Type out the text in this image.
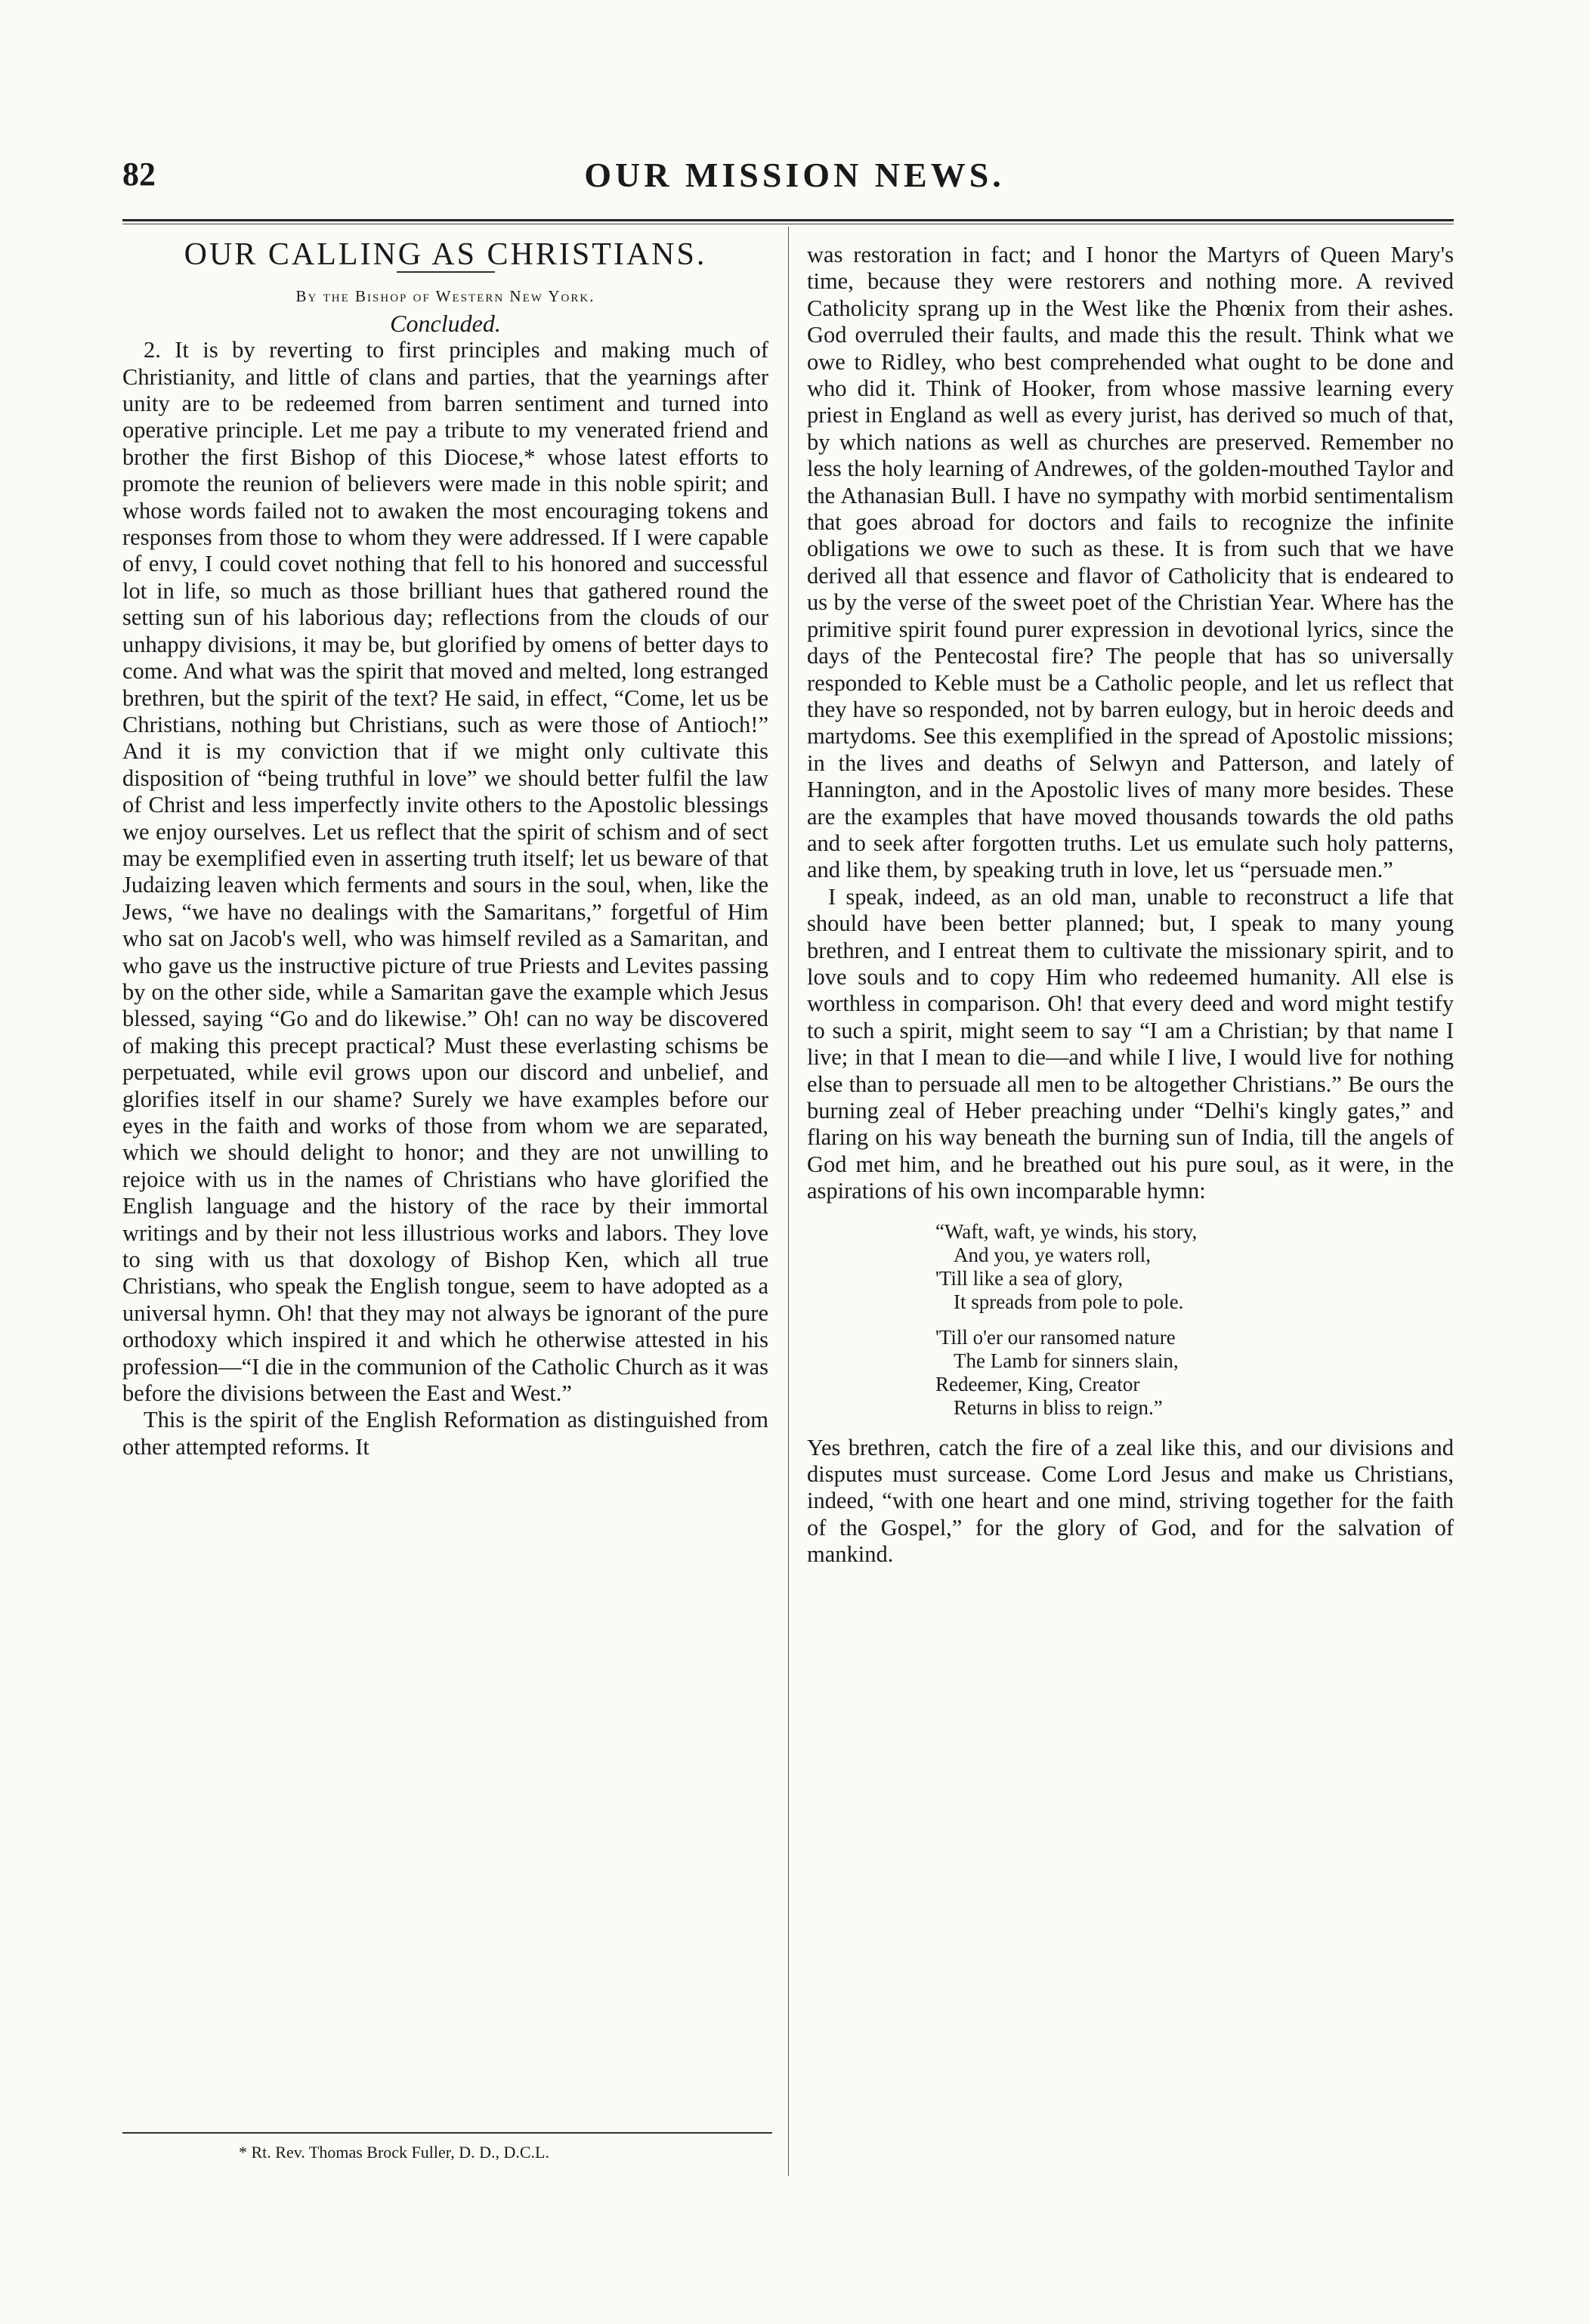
OUR MISSION NEWS.
82

OUR CALLING AS CHRISTIANS.

By the Bishop of Western New York.

Concluded.

2. It is by reverting to first principles and making much of Christianity, and little of clans and parties, that the yearnings after unity are to be redeemed from barren sentiment and turned into operative principle. Let me pay a tribute to my venerated friend and brother the first Bishop of this Diocese,* whose latest efforts to promote the reunion of believers were made in this noble spirit; and whose words failed not to awaken the most encouraging tokens and responses from those to whom they were addressed. If I were capable of envy, I could covet nothing that fell to his honored and successful lot in life, so much as those brilliant hues that gathered round the setting sun of his laborious day; reflections from the clouds of our unhappy divisions, it may be, but glorified by omens of better days to come. And what was the spirit that moved and melted, long estranged brethren, but the spirit of the text? He said, in effect, “Come, let us be Christians, nothing but Christians, such as were those of Antioch!” And it is my conviction that if we might only cultivate this disposition of “being truthful in love” we should better fulfil the law of Christ and less imperfectly invite others to the Apostolic blessings we enjoy ourselves. Let us reflect that the spirit of schism and of sect may be exemplified even in asserting truth itself; let us beware of that Judaizing leaven which ferments and sours in the soul, when, like the Jews, “we have no dealings with the Samaritans,” forgetful of Him who sat on Jacob's well, who was himself reviled as a Samaritan, and who gave us the instructive picture of true Priests and Levites passing by on the other side, while a Samaritan gave the example which Jesus blessed, saying “Go and do likewise.” Oh! can no way be discovered of making this precept practical? Must these everlasting schisms be perpetuated, while evil grows upon our discord and unbelief, and glorifies itself in our shame? Surely we have examples before our eyes in the faith and works of those from whom we are separated, which we should delight to honor; and they are not unwilling to rejoice with us in the names of Christians who have glorified the English language and the history of the race by their immortal writings and by their not less illustrious works and labors. They love to sing with us that doxology of Bishop Ken, which all true Christians, who speak the English tongue, seem to have adopted as a universal hymn. Oh! that they may not always be ignorant of the pure orthodoxy which inspired it and which he otherwise attested in his profession—“I die in the communion of the Catholic Church as it was before the divisions between the East and West.”

This is the spirit of the English Reformation as distinguished from other attempted reforms. It

* Rt. Rev. Thomas Brock Fuller, D. D., D.C.L.

was restoration in fact; and I honor the Martyrs of Queen Mary's time, because they were restorers and nothing more. A revived Catholicity sprang up in the West like the Phœnix from their ashes. God overruled their faults, and made this the result. Think what we owe to Ridley, who best comprehended what ought to be done and who did it. Think of Hooker, from whose massive learning every priest in England as well as every jurist, has derived so much of that, by which nations as well as churches are preserved. Remember no less the holy learning of Andrewes, of the golden-mouthed Taylor and the Athanasian Bull. I have no sympathy with morbid sentimentalism that goes abroad for doctors and fails to recognize the infinite obligations we owe to such as these. It is from such that we have derived all that essence and flavor of Catholicity that is endeared to us by the verse of the sweet poet of the Christian Year. Where has the primitive spirit found purer expression in devotional lyrics, since the days of the Pentecostal fire? The people that has so universally responded to Keble must be a Catholic people, and let us reflect that they have so responded, not by barren eulogy, but in heroic deeds and martydoms. See this exemplified in the spread of Apostolic missions; in the lives and deaths of Selwyn and Patterson, and lately of Hannington, and in the Apostolic lives of many more besides. These are the examples that have moved thousands towards the old paths and to seek after forgotten truths. Let us emulate such holy patterns, and like them, by speaking truth in love, let us “persuade men.”

I speak, indeed, as an old man, unable to reconstruct a life that should have been better planned; but, I speak to many young brethren, and I entreat them to cultivate the missionary spirit, and to love souls and to copy Him who redeemed humanity. All else is worthless in comparison. Oh! that every deed and word might testify to such a spirit, might seem to say “I am a Christian; by that name I live; in that I mean to die—and while I live, I would live for nothing else than to persuade all men to be altogether Christians.” Be ours the burning zeal of Heber preaching under “Delhi's kingly gates,” and flaring on his way beneath the burning sun of India, till the angels of God met him, and he breathed out his pure soul, as it were, in the aspirations of his own incomparable hymn:

“Waft, waft, ye winds, his story,
And you, ye waters roll,
'Till like a sea of glory,
It spreads from pole to pole.
'Till o'er our ransomed nature
The Lamb for sinners slain,
Redeemer, King, Creator
Returns in bliss to reign.”

Yes brethren, catch the fire of a zeal like this, and our divisions and disputes must surcease. Come Lord Jesus and make us Christians, indeed, “with one heart and one mind, striving together for the faith of the Gospel,” for the glory of God, and for the salvation of mankind.
